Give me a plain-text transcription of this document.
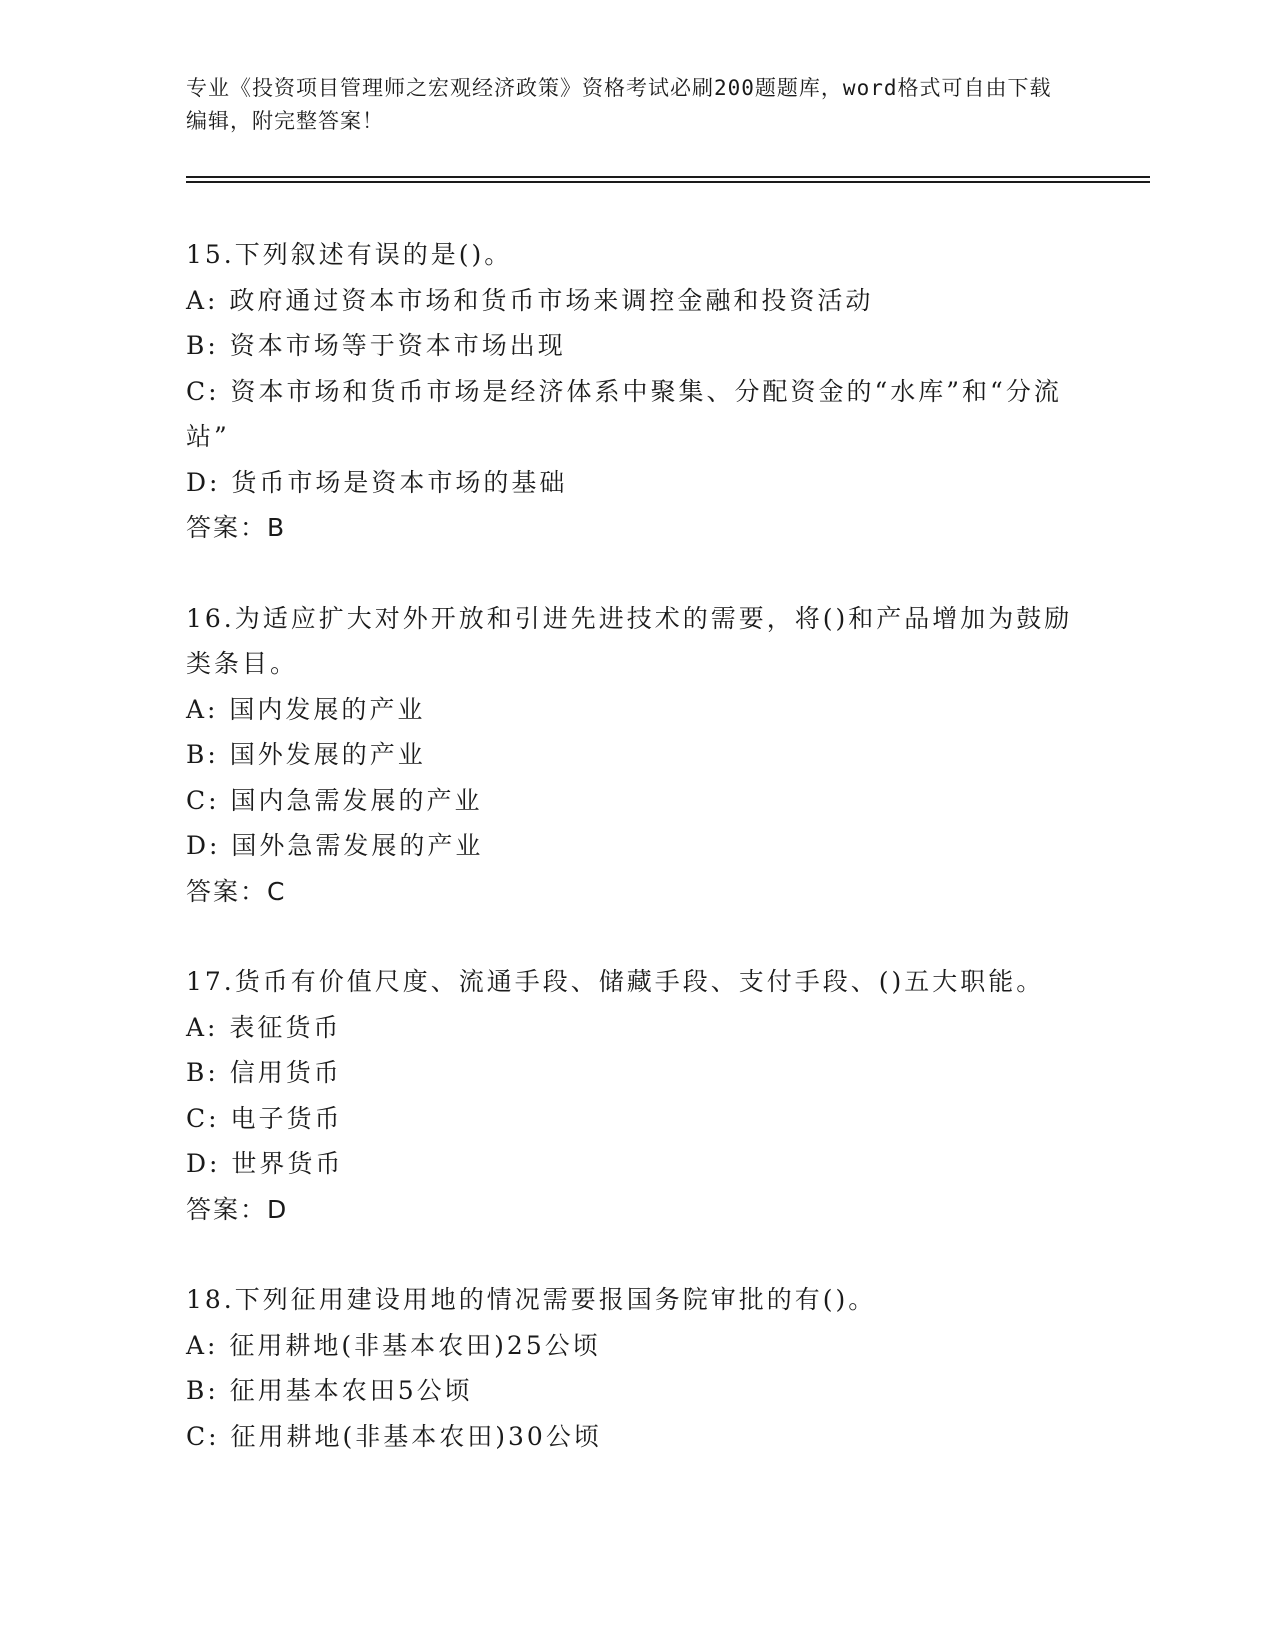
专业《投资项目管理师之宏观经济政策》资格考试必刷200题题库，word格式可自由下载编辑，附完整答案！
15.下列叙述有误的是()。
A: 政府通过资本市场和货币市场来调控金融和投资活动
B: 资本市场等于资本市场出现
C: 资本市场和货币市场是经济体系中聚集、分配资金的“水库”和“分流站”
D: 货币市场是资本市场的基础
答案：B
16.为适应扩大对外开放和引进先进技术的需要，将()和产品增加为鼓励类条目。
A: 国内发展的产业
B: 国外发展的产业
C: 国内急需发展的产业
D: 国外急需发展的产业
答案：C
17.货币有价值尺度、流通手段、储藏手段、支付手段、()五大职能。
A: 表征货币
B: 信用货币
C: 电子货币
D: 世界货币
答案：D
18.下列征用建设用地的情况需要报国务院审批的有()。
A: 征用耕地(非基本农田)25公顷
B: 征用基本农田5公顷
C: 征用耕地(非基本农田)30公顷
